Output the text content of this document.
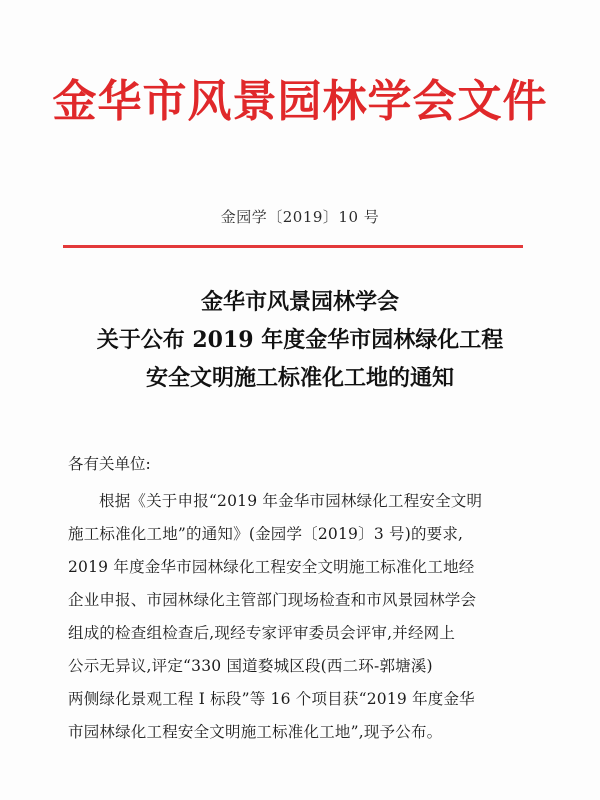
金华市风景园林学会文件
金园学〔2019〕10 号
金华市风景园林学会
关于公布 2019 年度金华市园林绿化工程
安全文明施工标准化工地的通知
各有关单位:
根据《关于申报“2019 年金华市园林绿化工程安全文明
施工标准化工地”的通知》(金园学〔2019〕3 号)的要求,
2019 年度金华市园林绿化工程安全文明施工标准化工地经
企业申报、市园林绿化主管部门现场检查和市风景园林学会
组成的检查组检查后,现经专家评审委员会评审,并经网上
公示无异议,评定“330 国道婺城区段(西二环-郭塘溪)
两侧绿化景观工程 I 标段”等 16 个项目获“2019 年度金华
市园林绿化工程安全文明施工标准化工地”,现予公布。
